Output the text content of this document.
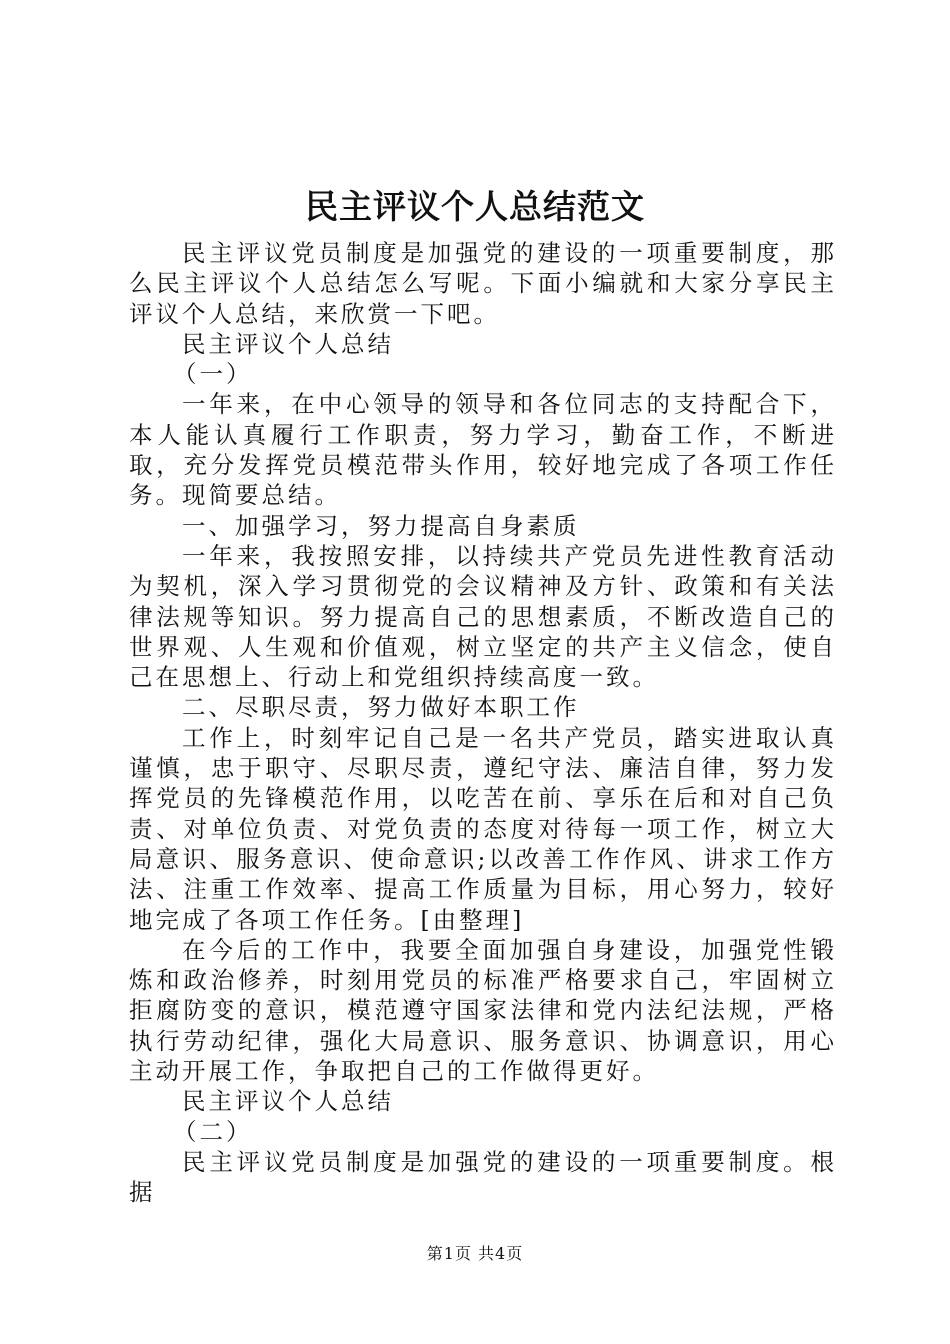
民主评议个人总结范文

民主评议党员制度是加强党的建设的一项重要制度，那么民主评议个人总结怎么写呢。下面小编就和大家分享民主评议个人总结，来欣赏一下吧。

民主评议个人总结

（一）

一年来，在中心领导的领导和各位同志的支持配合下，本人能认真履行工作职责，努力学习，勤奋工作，不断进取，充分发挥党员模范带头作用，较好地完成了各项工作任务。现简要总结。

一、加强学习，努力提高自身素质

一年来，我按照安排，以持续共产党员先进性教育活动为契机，深入学习贯彻党的会议精神及方针、政策和有关法律法规等知识。努力提高自己的思想素质，不断改造自己的世界观、人生观和价值观，树立坚定的共产主义信念，使自己在思想上、行动上和党组织持续高度一致。

二、尽职尽责，努力做好本职工作

工作上，时刻牢记自己是一名共产党员，踏实进取认真谨慎，忠于职守、尽职尽责，遵纪守法、廉洁自律，努力发挥党员的先锋模范作用，以吃苦在前、享乐在后和对自己负责、对单位负责、对党负责的态度对待每一项工作，树立大局意识、服务意识、使命意识;以改善工作作风、讲求工作方法、注重工作效率、提高工作质量为目标，用心努力，较好地完成了各项工作任务。[由整理]

在今后的工作中，我要全面加强自身建设，加强党性锻炼和政治修养，时刻用党员的标准严格要求自己，牢固树立拒腐防变的意识，模范遵守国家法律和党内法纪法规，严格执行劳动纪律，强化大局意识、服务意识、协调意识，用心主动开展工作，争取把自己的工作做得更好。

民主评议个人总结

（二）

民主评议党员制度是加强党的建设的一项重要制度。根据

第1页 共4页
